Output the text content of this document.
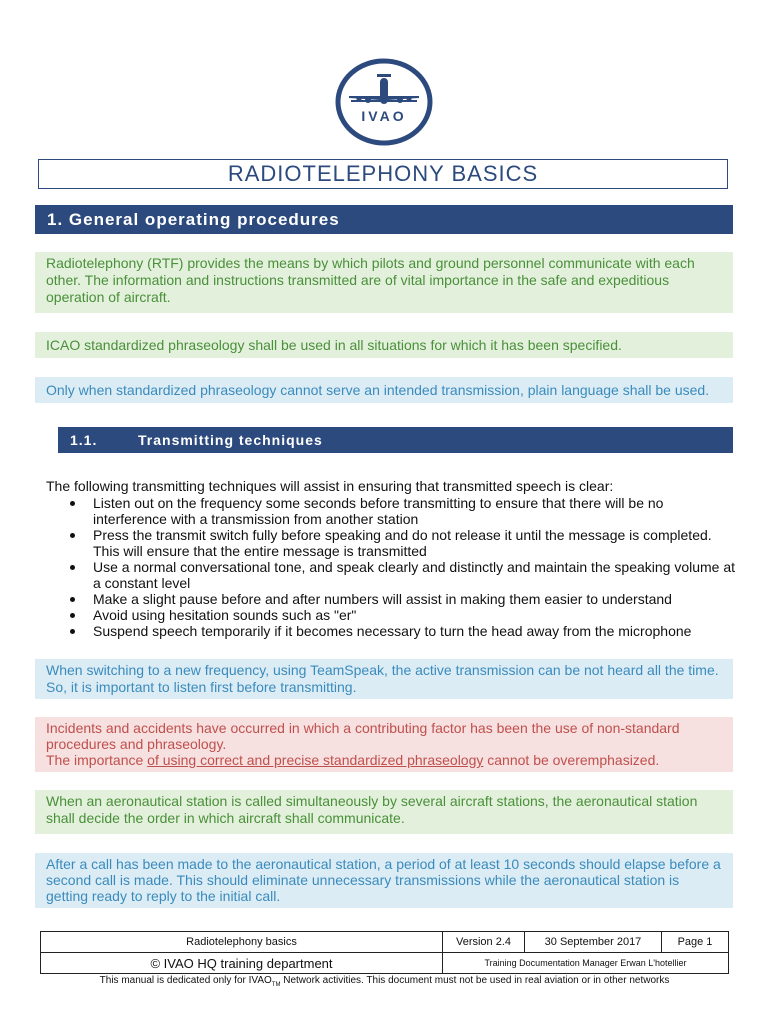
IVAO
RADIOTELEPHONY BASICS
1. General operating procedures
Radiotelephony (RTF) provides the means by which pilots and ground personnel communicate with each other. The information and instructions transmitted are of vital importance in the safe and expeditious operation of aircraft.
ICAO standardized phraseology shall be used in all situations for which it has been specified.
Only when standardized phraseology cannot serve an intended transmission, plain language shall be used.
1.1.	Transmitting techniques
The following transmitting techniques will assist in ensuring that transmitted speech is clear:
Listen out on the frequency some seconds before transmitting to ensure that there will be no interference with a transmission from another station
Press the transmit switch fully before speaking and do not release it until the message is completed. This will ensure that the entire message is transmitted
Use a normal conversational tone, and speak clearly and distinctly and maintain the speaking volume at a constant level
Make a slight pause before and after numbers will assist in making them easier to understand
Avoid using hesitation sounds such as "er"
Suspend speech temporarily if it becomes necessary to turn the head away from the microphone
When switching to a new frequency, using TeamSpeak, the active transmission can be not heard all the time. So, it is important to listen first before transmitting.
Incidents and accidents have occurred in which a contributing factor has been the use of non-standard procedures and phraseology.
The importance of using correct and precise standardized phraseology cannot be overemphasized.
When an aeronautical station is called simultaneously by several aircraft stations, the aeronautical station shall decide the order in which aircraft shall communicate.
After a call has been made to the aeronautical station, a period of at least 10 seconds should elapse before a second call is made. This should eliminate unnecessary transmissions while the aeronautical station is getting ready to reply to the initial call.
Radiotelephony basics	Version 2.4	30 September 2017	Page 1
© IVAO HQ training department	Training Documentation Manager Erwan L'hotellier		
This manual is dedicated only for $IVAO_{TM}$ Network activities. This document must not be used in real aviation or in other networks
